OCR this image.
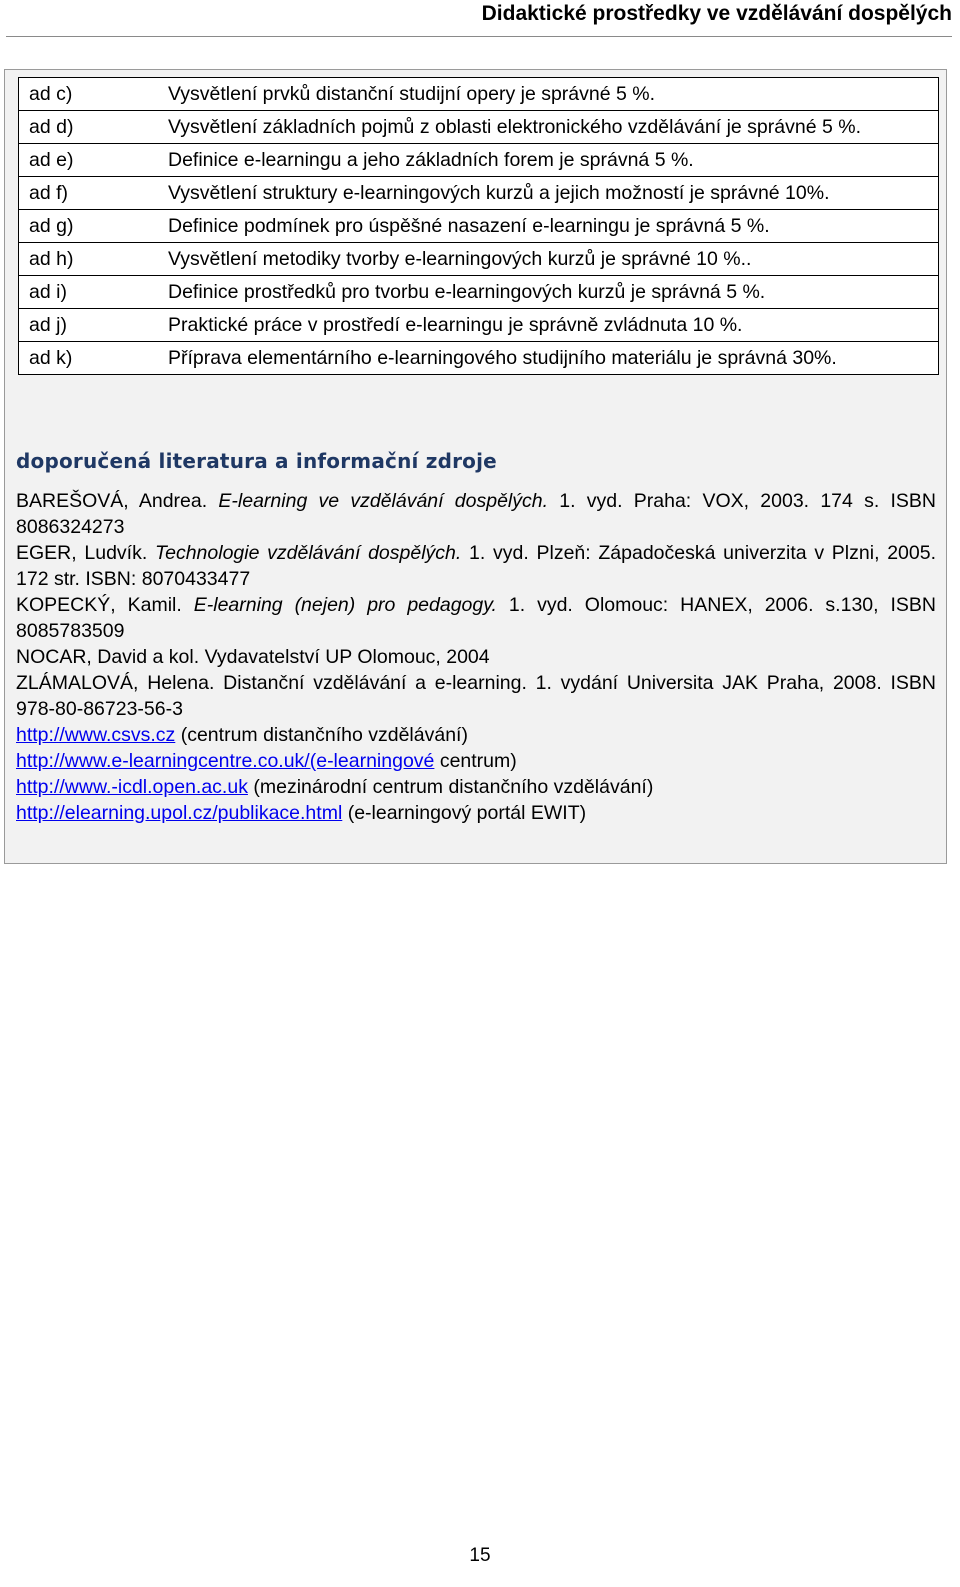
Didaktické prostředky ve vzdělávání dospělých
ad c)	Vysvětlení prvků distanční studijní opery je správné 5 %.
ad d)	Vysvětlení základních pojmů z oblasti elektronického vzdělávání je správné 5 %.
ad e)	Definice e-learningu a jeho základních forem je správná 5 %.
ad f)	Vysvětlení struktury e-learningových kurzů a jejich možností je správné 10%.
ad g)	Definice podmínek pro úspěšné nasazení e-learningu je správná 5 %.
ad h)	Vysvětlení metodiky tvorby e-learningových kurzů je správné 10 %..
ad i)	Definice prostředků pro tvorbu e-learningových kurzů je správná 5 %.
ad j)	Praktické práce v prostředí e-learningu je správně zvládnuta 10 %.
ad k)	Příprava elementárního e-learningového studijního materiálu je správná 30%.
doporučená literatura a informační zdroje
BAREŠOVÁ, Andrea. E-learning ve vzdělávání dospělých. 1. vyd. Praha: VOX, 2003. 174 s. ISBN 8086324273
EGER, Ludvík. Technologie vzdělávání dospělých. 1. vyd. Plzeň: Západočeská univerzita v Plzni, 2005. 172 str. ISBN: 8070433477
KOPECKÝ, Kamil. E-learning (nejen) pro pedagogy. 1. vyd. Olomouc: HANEX, 2006. s.130, ISBN 8085783509
NOCAR, David a kol. Vydavatelství UP Olomouc, 2004
ZLÁMALOVÁ, Helena. Distanční vzdělávání a e-learning. 1. vydání Universita JAK Praha, 2008. ISBN 978-80-86723-56-3
http://www.csvs.cz (centrum distančního vzdělávání)
http://www.e-learningcentre.co.uk/(e-learningové centrum)
http://www.-icdl.open.ac.uk (mezinárodní centrum distančního vzdělávání)
http://elearning.upol.cz/publikace.html (e-learningový portál EWIT)
15
